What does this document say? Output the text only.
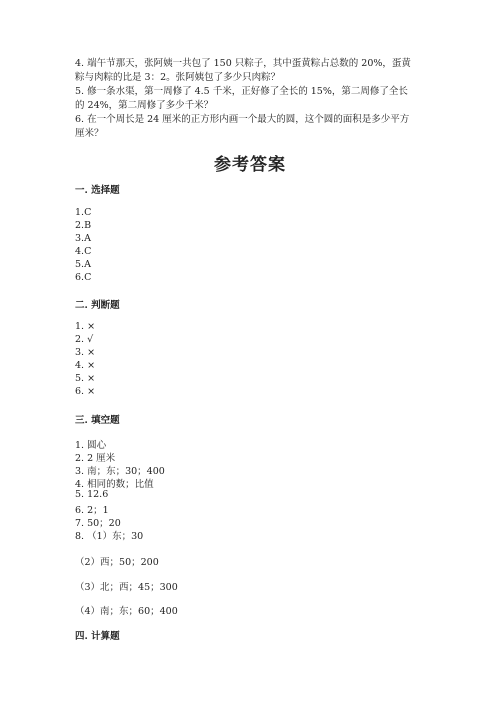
4. 端午节那天，张阿姨一共包了 150 只粽子，其中蛋黄粽占总数的 20%，蛋黄
粽与肉粽的比是 3：2。张阿姨包了多少只肉粽？
5. 修一条水渠，第一周修了 4.5 千米，正好修了全长的 15%，第二周修了全长
的 24%，第二周修了多少千米？
6. 在一个周长是 24 厘米的正方形内画一个最大的圆，这个圆的面积是多少平方
厘米？
参考答案
一. 选择题
1.C
2.B
3.A
4.C
5.A
6.C
二. 判断题
1. ×
2. √
3. ×
4. ×
5. ×
6. ×
三. 填空题
1. 圆心
2. 2 厘米
3. 南；东；30；400
4. 相同的数；比值
5. 12.6
6. 2；1
7. 50；20
8. （1）东；30
（2）西；50；200
（3）北；西；45；300
（4）南；东；60；400
四. 计算题
